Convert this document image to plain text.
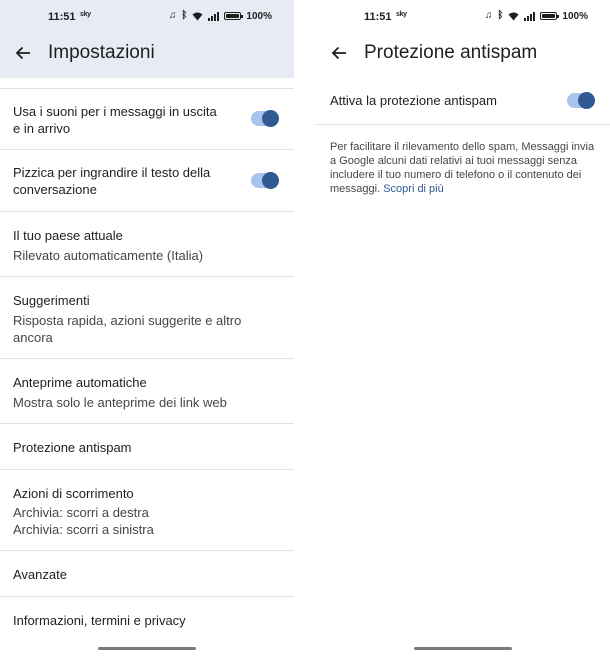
11:51 sky	♫ ᛒ	100%
Impostazioni
Usa i suoni per i messaggi in uscita e in arrivo
Pizzica per ingrandire il testo della conversazione
Il tuo paese attuale
Rilevato automaticamente (Italia)
Suggerimenti
Risposta rapida, azioni suggerite e altro ancora
Anteprime automatiche
Mostra solo le anteprime dei link web
Protezione antispam
Azioni di scorrimento
Archivia: scorri a destra
Archivia: scorri a sinistra
Avanzate
Informazioni, termini e privacy
11:51 sky	♫ ᛒ	100%
Protezione antispam
Attiva la protezione antispam

Per facilitare il rilevamento dello spam, Messaggi invia a Google alcuni dati relativi ai tuoi messaggi senza includere il tuo numero di telefono o il contenuto dei messaggi. Scopri di più
